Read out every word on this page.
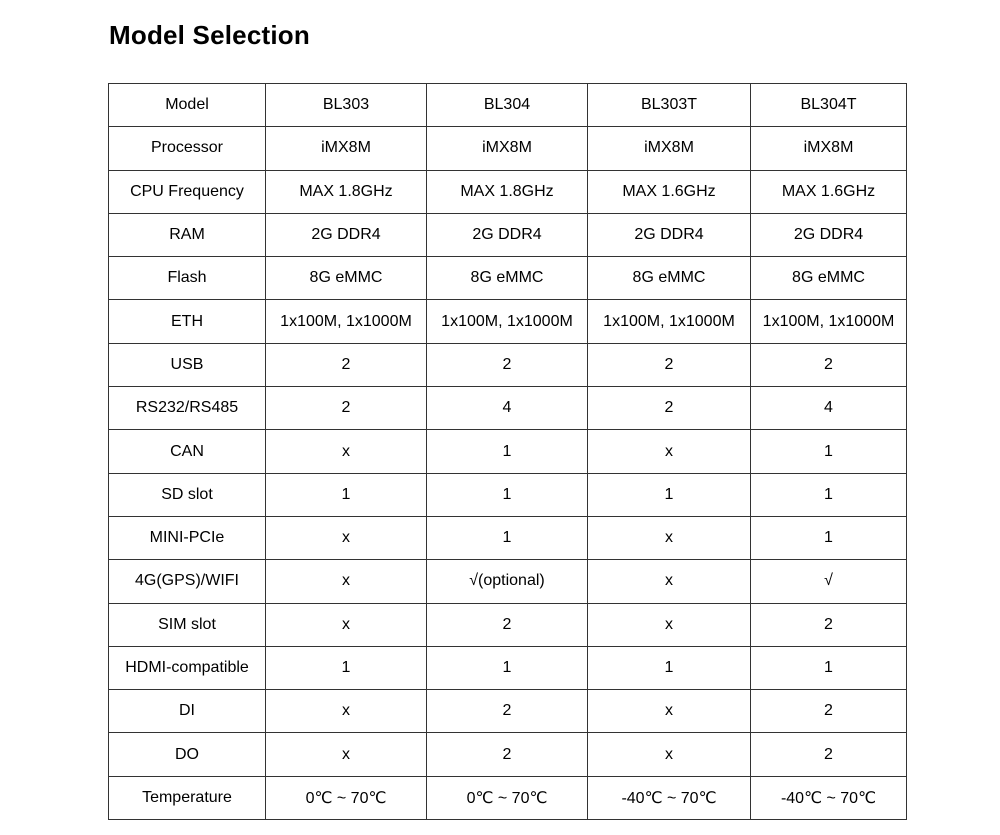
Model Selection
Model	BL303	BL304	BL303T	BL304T
Processor	iMX8M	iMX8M	iMX8M	iMX8M
CPU Frequency	MAX 1.8GHz	MAX 1.8GHz	MAX 1.6GHz	MAX 1.6GHz
RAM	2G DDR4	2G DDR4	2G DDR4	2G DDR4
Flash	8G eMMC	8G eMMC	8G eMMC	8G eMMC
ETH	1x100M, 1x1000M	1x100M, 1x1000M	1x100M, 1x1000M	1x100M, 1x1000M
USB	2	2	2	2
RS232/RS485	2	4	2	4
CAN	x	1	x	1
SD slot	1	1	1	1
MINI-PCIe	x	1	x	1
4G(GPS)/WIFI	x	√(optional)	x	√
SIM slot	x	2	x	2
HDMI-compatible	1	1	1	1
DI	x	2	x	2
DO	x	2	x	2
Temperature	0℃ ~ 70℃	0℃ ~ 70℃	-40℃ ~ 70℃	-40℃ ~ 70℃
